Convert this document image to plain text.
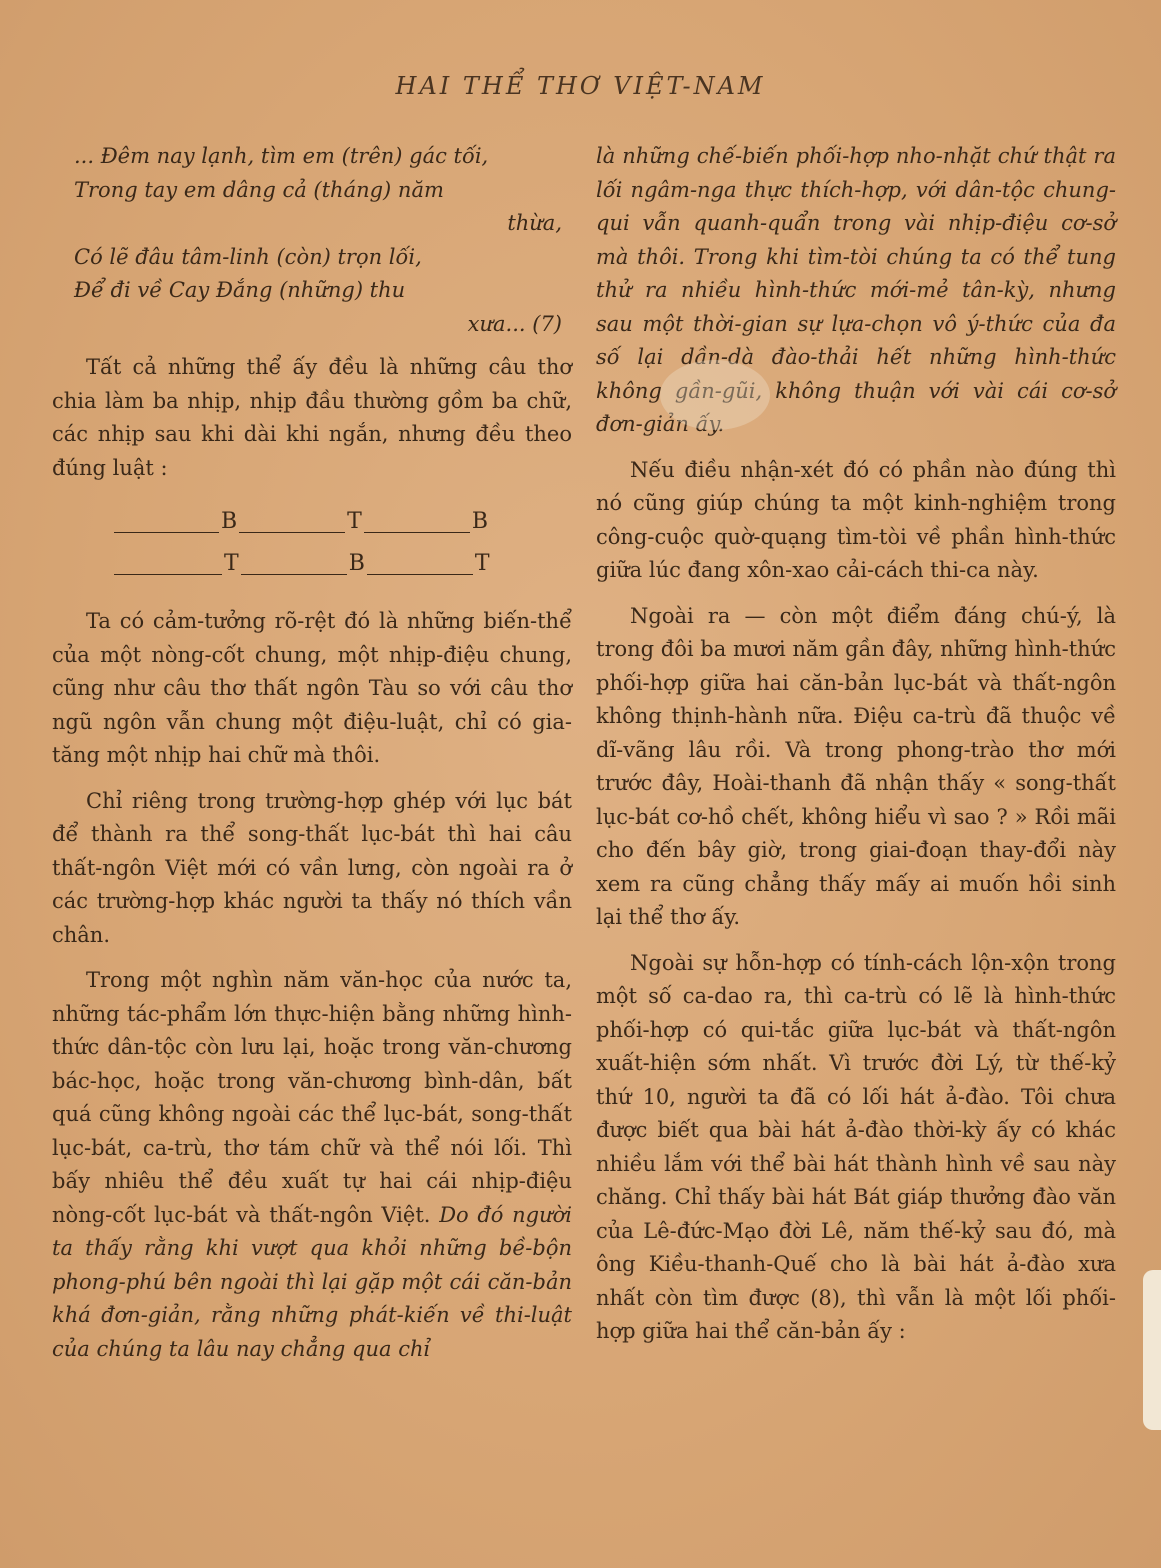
HAI THỂ THƠ VIỆT-NAM
... Đêm nay lạnh, tìm em (trên) gác tối,
Trong tay em dâng cả (tháng) năm
thừa,
Có lẽ đâu tâm-linh (còn) trọn lối,
Để đi về Cay Đắng (những) thu
xưa... (7)

Tất cả những thể ấy đều là những câu thơ chia làm ba nhịp, nhịp đầu thường gồm ba chữ, các nhịp sau khi dài khi ngắn, nhưng đều theo đúng luật :

B	T	B
T	B	T

Ta có cảm-tưởng rõ-rệt đó là những biến-thể của một nòng-cốt chung, một nhịp-điệu chung, cũng như câu thơ thất ngôn Tàu so với câu thơ ngũ ngôn vẫn chung một điệu-luật, chỉ có gia-tăng một nhịp hai chữ mà thôi.

Chỉ riêng trong trường-hợp ghép với lục bát để thành ra thể song-thất lục-bát thì hai câu thất-ngôn Việt mới có vần lưng, còn ngoài ra ở các trường-hợp khác người ta thấy nó thích vần chân.

Trong một nghìn năm văn-học của nước ta, những tác-phẩm lớn thực-hiện bằng những hình-thức dân-tộc còn lưu lại, hoặc trong văn-chương bác-học, hoặc trong văn-chương bình-dân, bất quá cũng không ngoài các thể lục-bát, song-thất lục-bát, ca-trù, thơ tám chữ và thể nói lối. Thì bấy nhiêu thể đều xuất tự hai cái nhịp-điệu nòng-cốt lục-bát và thất-ngôn Việt. Do đó người ta thấy rằng khi vượt qua khỏi những bề-bộn phong-phú bên ngoài thì lại gặp một cái căn-bản khá đơn-giản, rằng những phát-kiến về thi-luật của chúng ta lâu nay chẳng qua chỉ

là những chế-biến phối-hợp nho-nhặt chứ thật ra lối ngâm-nga thực thích-hợp, với dân-tộc chung-qui vẫn quanh-quẩn trong vài nhịp-điệu cơ-sở mà thôi. Trong khi tìm-tòi chúng ta có thể tung thử ra nhiều hình-thức mới-mẻ tân-kỳ, nhưng sau một thời-gian sự lựa-chọn vô ý-thức của đa số lại dần-dà đào-thải hết những hình-thức không gần-gũi, không thuận với vài cái cơ-sở đơn-giản ấy.

Nếu điều nhận-xét đó có phần nào đúng thì nó cũng giúp chúng ta một kinh-nghiệm trong công-cuộc quờ-quạng tìm-tòi về phần hình-thức giữa lúc đang xôn-xao cải-cách thi-ca này.

Ngoài ra — còn một điểm đáng chú-ý, là trong đôi ba mươi năm gần đây, những hình-thức phối-hợp giữa hai căn-bản lục-bát và thất-ngôn không thịnh-hành nữa. Điệu ca-trù đã thuộc về dĩ-vãng lâu rồi. Và trong phong-trào thơ mới trước đây, Hoài-thanh đã nhận thấy « song-thất lục-bát cơ-hồ chết, không hiểu vì sao ? » Rồi mãi cho đến bây giờ, trong giai-đoạn thay-đổi này xem ra cũng chẳng thấy mấy ai muốn hồi sinh lại thể thơ ấy.

Ngoài sự hỗn-hợp có tính-cách lộn-xộn trong một số ca-dao ra, thì ca-trù có lẽ là hình-thức phối-hợp có qui-tắc giữa lục-bát và thất-ngôn xuất-hiện sớm nhất. Vì trước đời Lý, từ thế-kỷ thứ 10, người ta đã có lối hát ả-đào. Tôi chưa được biết qua bài hát ả-đào thời-kỳ ấy có khác nhiều lắm với thể bài hát thành hình về sau này chăng. Chỉ thấy bài hát Bát giáp thưởng đào văn của Lê-đức-Mạo đời Lê, năm thế-kỷ sau đó, mà ông Kiều-thanh-Quế cho là bài hát ả-đào xưa nhất còn tìm được (8), thì vẫn là một lối phối-hợp giữa hai thể căn-bản ấy :
